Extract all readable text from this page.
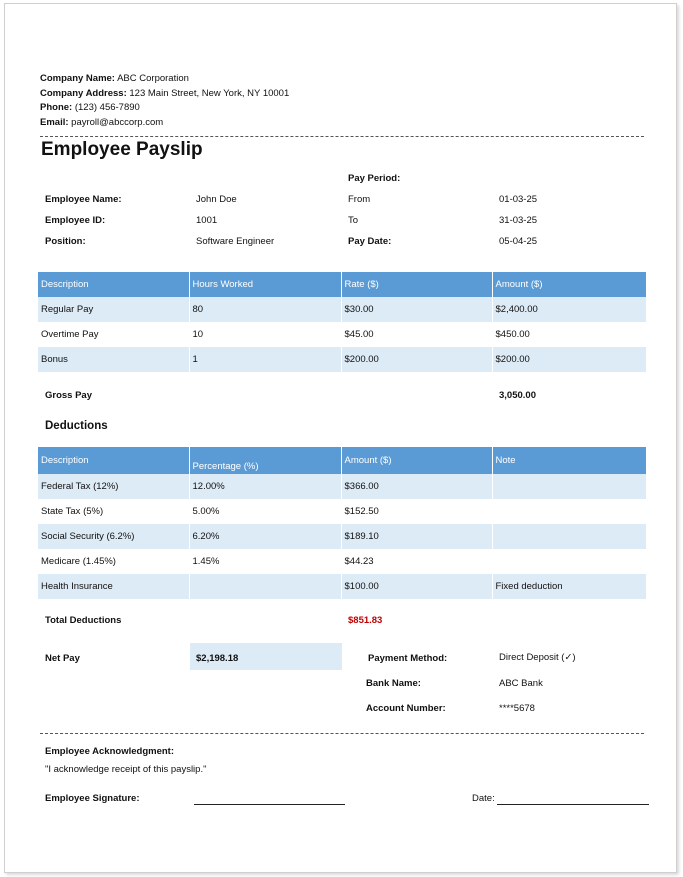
Company Name: ABC Corporation
Company Address: 123 Main Street, New York, NY 10001
Phone: (123) 456-7890
Email: payroll@abccorp.com
Employee Payslip
Pay Period:
Employee Name:	John Doe	From	01-03-25
Employee ID:	1001	To	31-03-25
Position:	Software Engineer	Pay Date:	05-04-25
Description	Hours Worked	Rate ($)	Amount ($)
Regular Pay	80	$30.00	$2,400.00
Overtime Pay	10	$45.00	$450.00
Bonus	1	$200.00	$200.00
Gross Pay	3,050.00
Deductions
Description	Percentage (%)	Amount ($)	Note
Federal Tax (12%)	12.00%	$366.00	
State Tax (5%)	5.00%	$152.50	
Social Security (6.2%)	6.20%	$189.10	
Medicare (1.45%)	1.45%	$44.23	
Health Insurance		$100.00	Fixed deduction
Total Deductions	$851.83
Net Pay	$2,198.18	Payment Method:	Direct Deposit (✓)
Bank Name:	ABC Bank
Account Number:	****5678
Employee Acknowledgment:
"I acknowledge receipt of this payslip."
Employee Signature:	Date:
